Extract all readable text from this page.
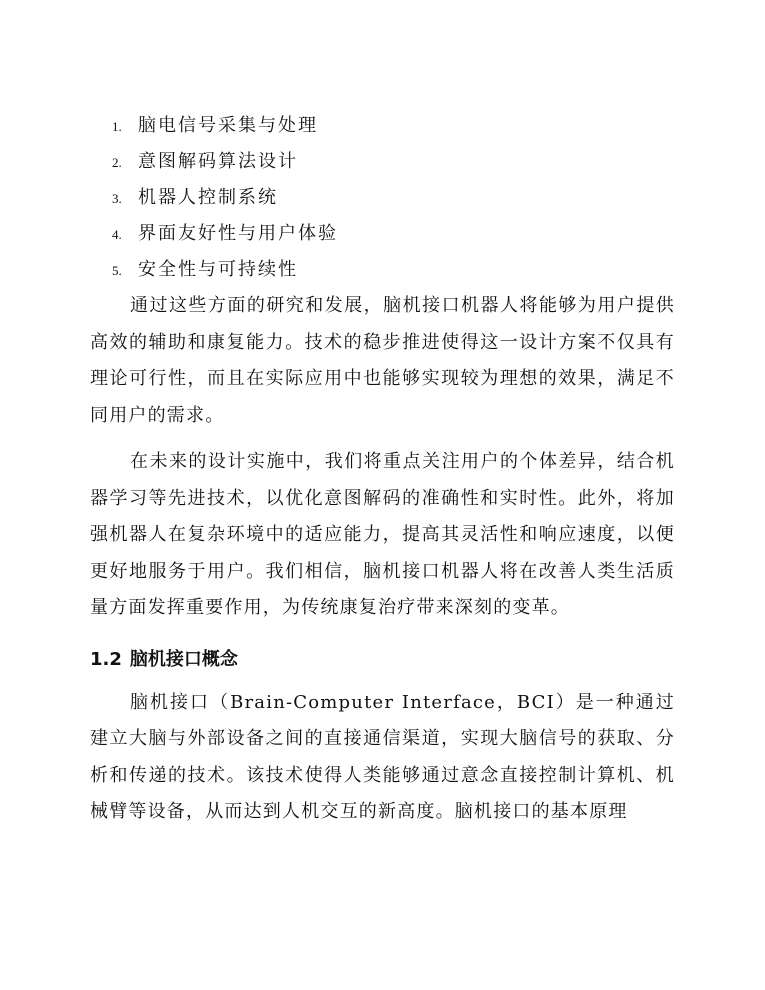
1. 脑电信号采集与处理
2. 意图解码算法设计
3. 机器人控制系统
4. 界面友好性与用户体验
5. 安全性与可持续性

通过这些方面的研究和发展，脑机接口机器人将能够为用户提供高效的辅助和康复能力。技术的稳步推进使得这一设计方案不仅具有理论可行性，而且在实际应用中也能够实现较为理想的效果，满足不同用户的需求。

在未来的设计实施中，我们将重点关注用户的个体差异，结合机器学习等先进技术，以优化意图解码的准确性和实时性。此外，将加强机器人在复杂环境中的适应能力，提高其灵活性和响应速度，以便更好地服务于用户。我们相信，脑机接口机器人将在改善人类生活质量方面发挥重要作用，为传统康复治疗带来深刻的变革。

1.2 脑机接口概念

脑机接口（Brain-Computer Interface，BCI）是一种通过建立大脑与外部设备之间的直接通信渠道，实现大脑信号的获取、分析和传递的技术。该技术使得人类能够通过意念直接控制计算机、机械臂等设备，从而达到人机交互的新高度。脑机接口的基本原理
